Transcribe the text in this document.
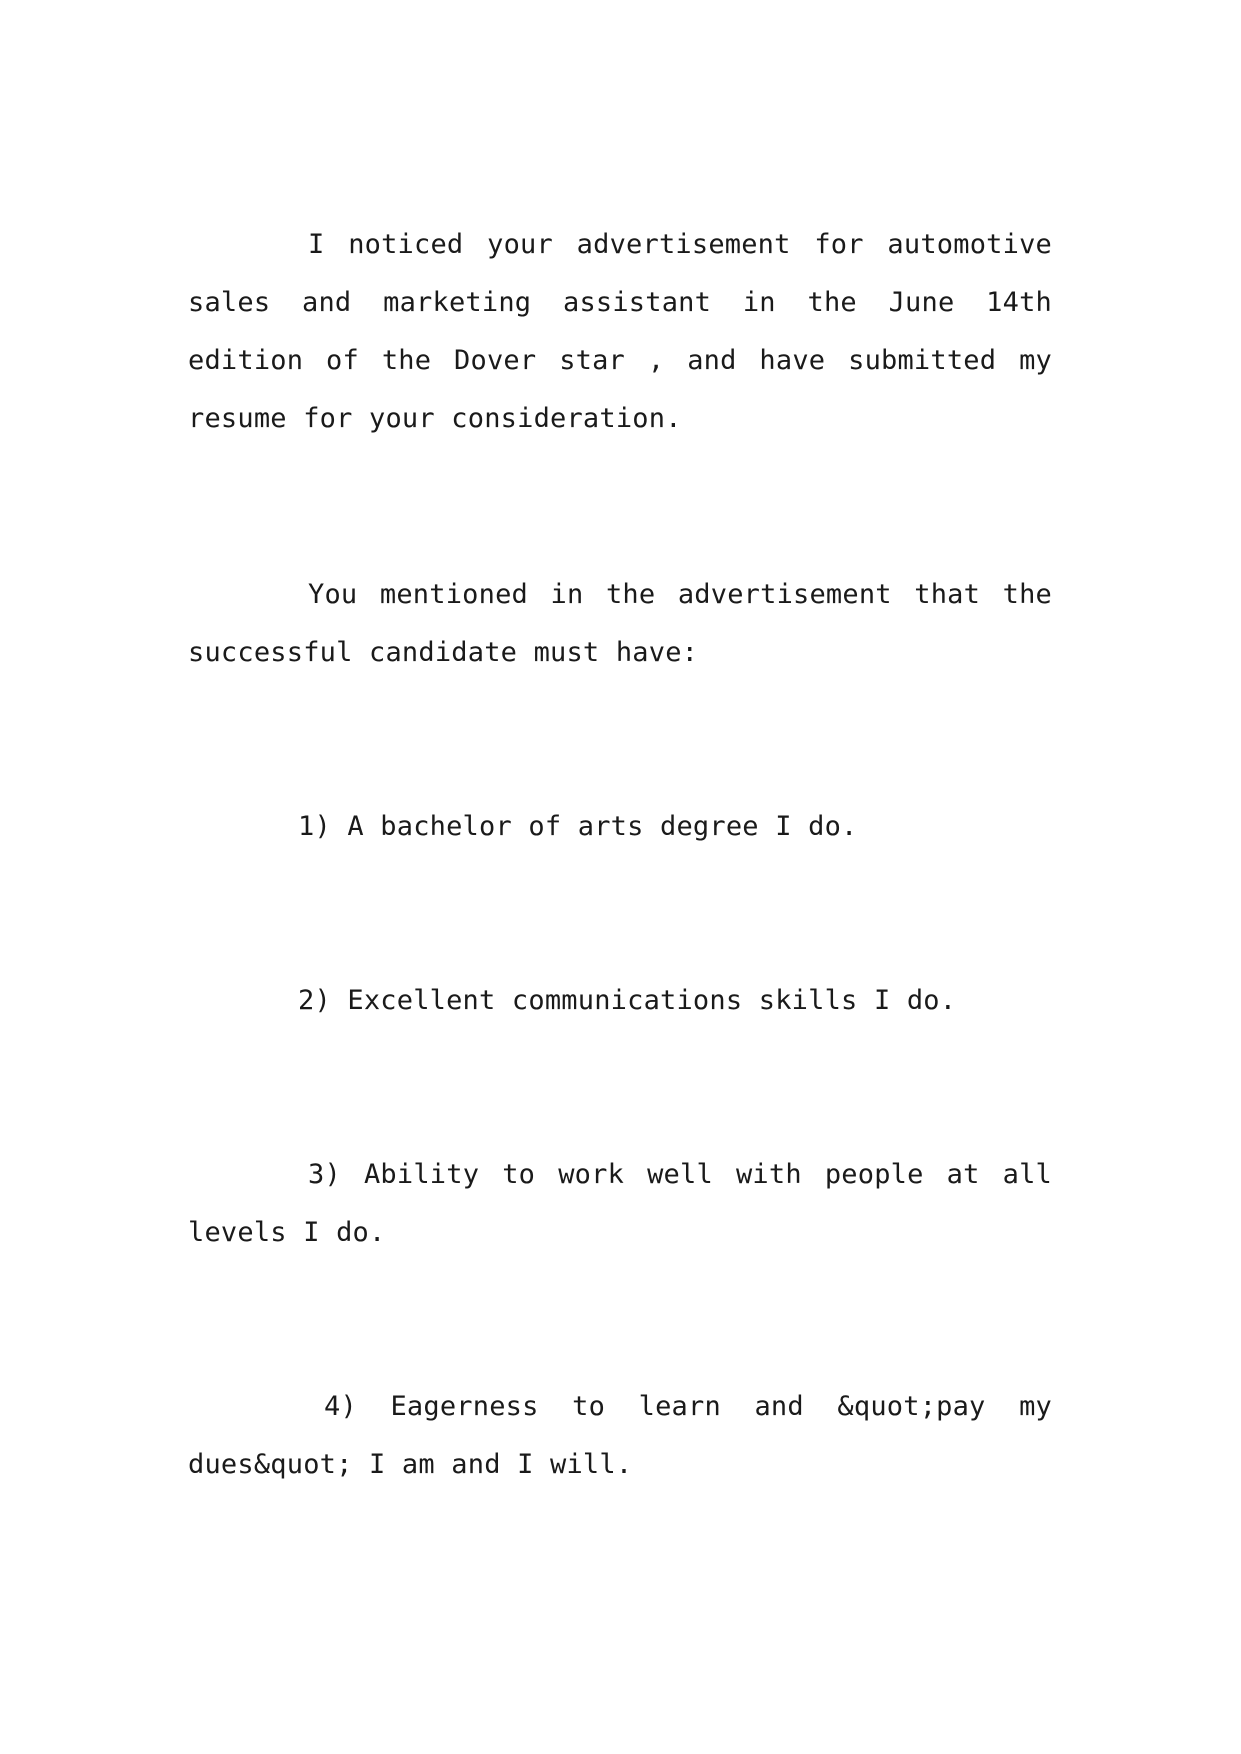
I noticed your advertisement for automotive sales and marketing assistant in the June 14th edition of the Dover star , and have submitted my resume for your consideration.

You mentioned in the advertisement that the successful candidate must have:

1) A bachelor of arts degree I do.

2) Excellent communications skills I do.

3) Ability to work well with people at all levels I do.

4) Eagerness to learn and &quot;pay my dues&quot; I am and I will.
